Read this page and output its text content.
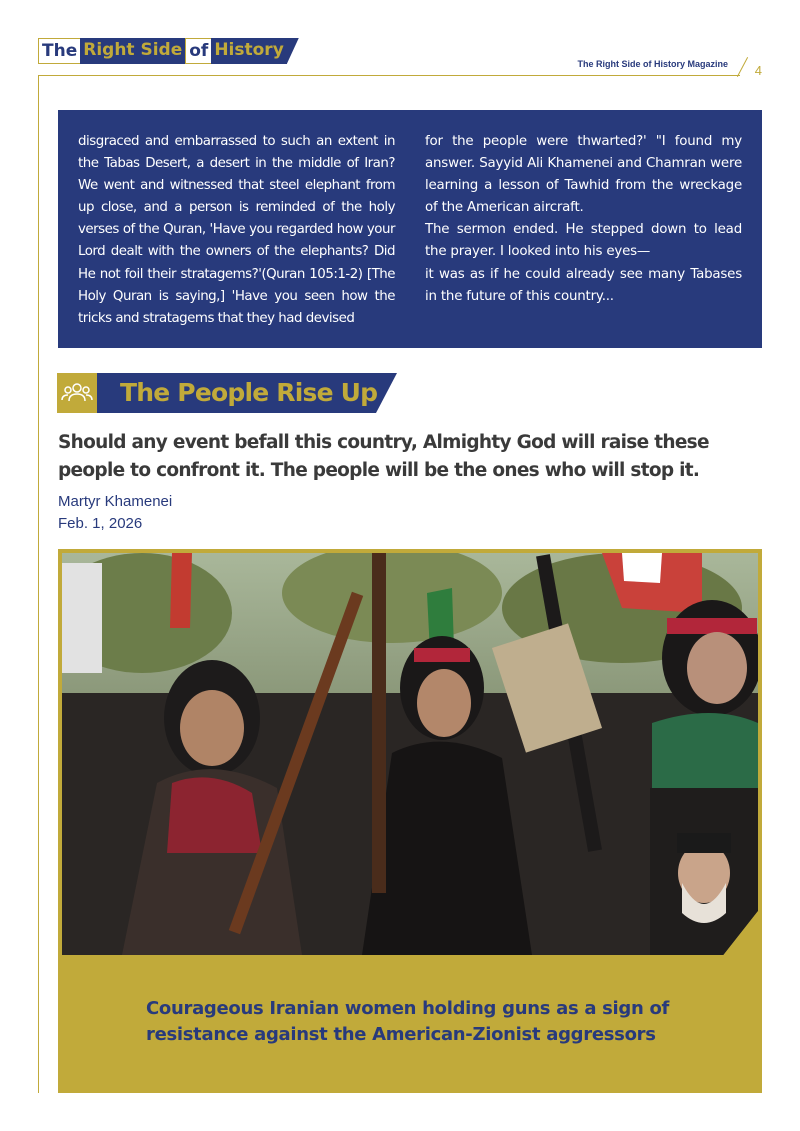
The Right Side of History
The Right Side of History Magazine 4

disgraced and embarrassed to such an extent in the Tabas Desert, a desert in the middle of Iran? We went and witnessed that steel elephant from up close, and a person is reminded of the holy verses of the Quran, 'Have you regarded how your Lord dealt with the owners of the elephants? Did He not foil their stratagems?'(Quran 105:1-2) [The Holy Quran is saying,] 'Have you seen how the tricks and stratagems that they had devised

for the people were thwarted?' "I found my answer. Sayyid Ali Khamenei and Chamran were learning a lesson of Tawhid from the wreckage of the American aircraft.

The sermon ended. He stepped down to lead the prayer. I looked into his eyes—

it was as if he could already see many Tabases in the future of this country...

The People Rise Up
Should any event befall this country, Almighty God will raise these people to confront it. The people will be the ones who will stop it.
Martyr Khamenei
Feb. 1, 2026
Courageous Iranian women holding guns as a sign of resistance against the American-Zionist aggressors
